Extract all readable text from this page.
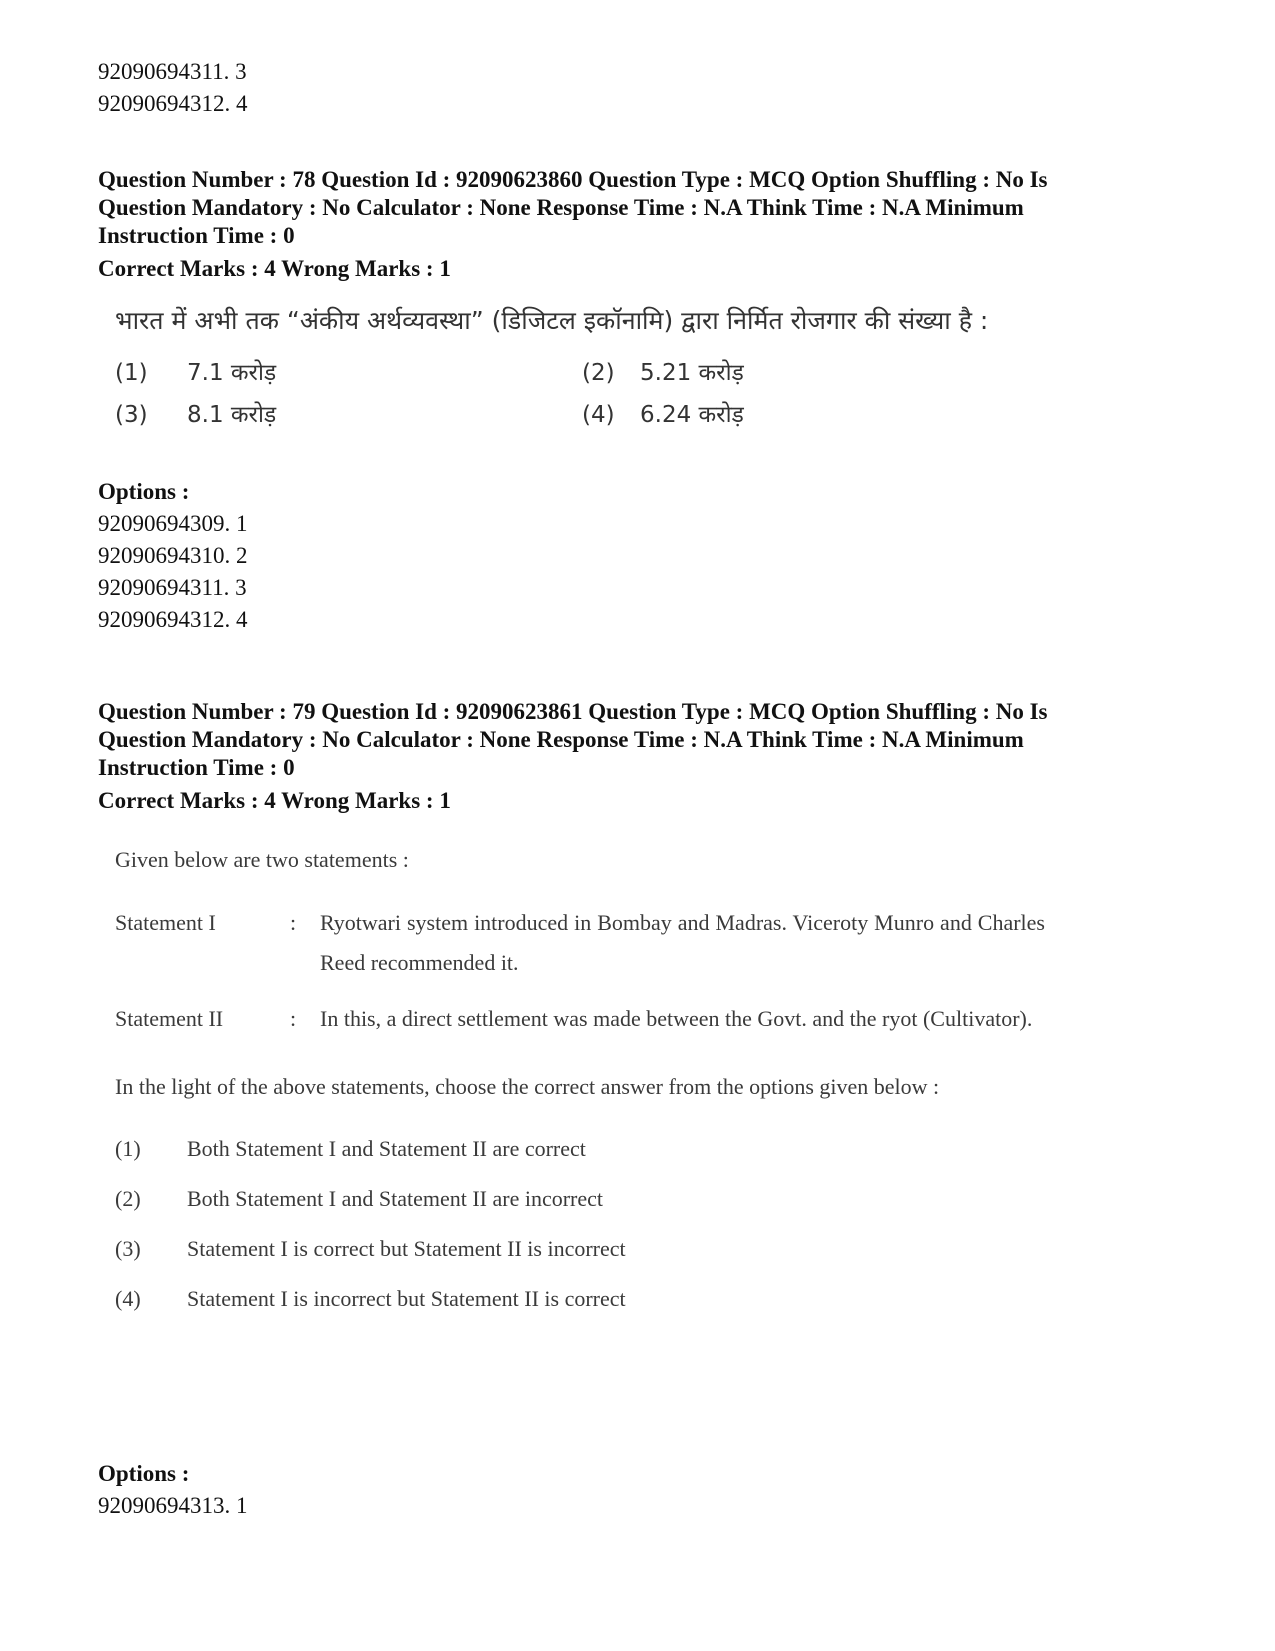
92090694311. 3
92090694312. 4
Question Number : 78 Question Id : 92090623860 Question Type : MCQ Option Shuffling : No Is
Question Mandatory : No Calculator : None Response Time : N.A Think Time : N.A Minimum
Instruction Time : 0
Correct Marks : 4 Wrong Marks : 1
भारत में अभी तक “अंकीय अर्थव्यवस्था” (डिजिटल इकॉनामि) द्वारा निर्मित रोजगार की संख्या है :
(1)	7.1 करोड़	(2)	5.21 करोड़
(3)	8.1 करोड़	(4)	6.24 करोड़
Options :
92090694309. 1
92090694310. 2
92090694311. 3
92090694312. 4
Question Number : 79 Question Id : 92090623861 Question Type : MCQ Option Shuffling : No Is
Question Mandatory : No Calculator : None Response Time : N.A Think Time : N.A Minimum
Instruction Time : 0
Correct Marks : 4 Wrong Marks : 1
Given below are two statements :
Statement I	:	Ryotwari system introduced in Bombay and Madras. Viceroty Munro and Charles Reed recommended it.
Statement II	:	In this, a direct settlement was made between the Govt. and the ryot (Cultivator).
In the light of the above statements, choose the correct answer from the options given below :
(1)	Both Statement I and Statement II are correct
(2)	Both Statement I and Statement II are incorrect
(3)	Statement I is correct but Statement II is incorrect
(4)	Statement I is incorrect but Statement II is correct
Options :
92090694313. 1
